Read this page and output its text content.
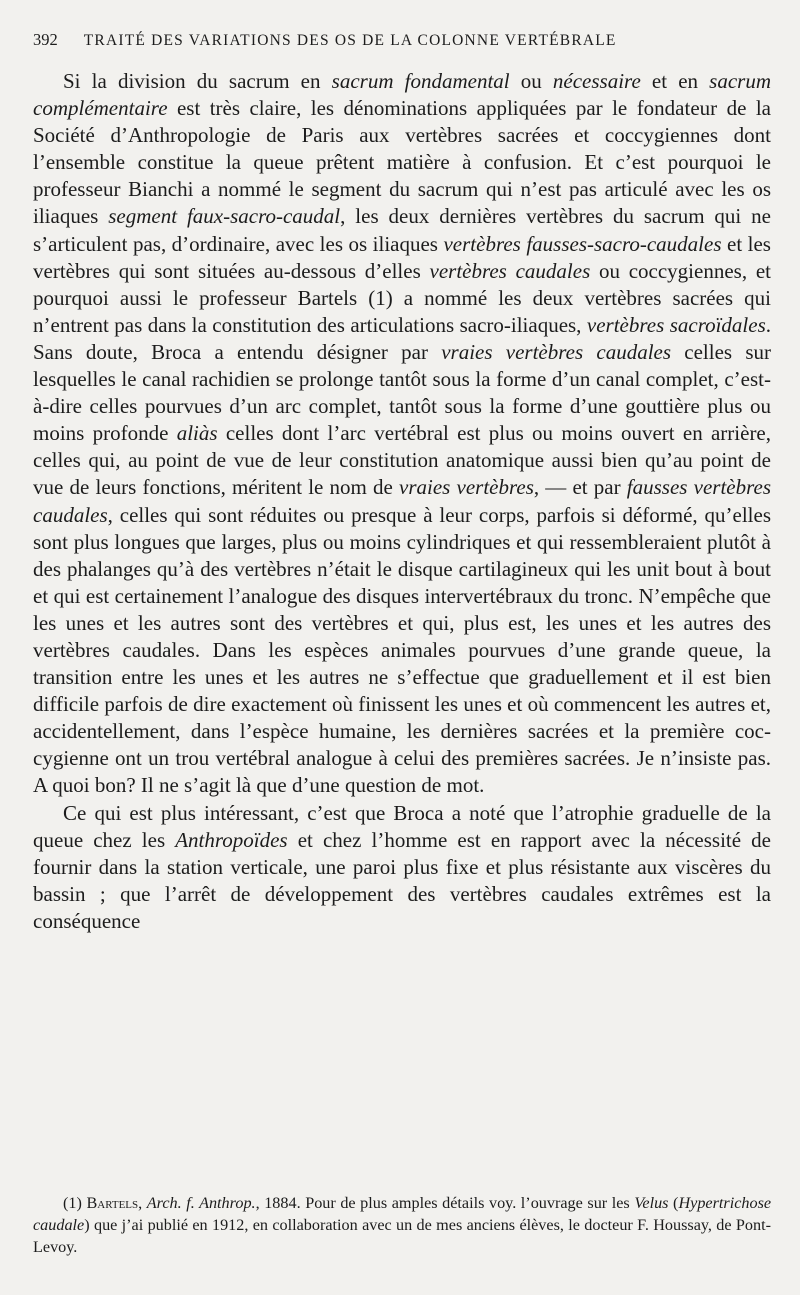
392 TRAITÉ DES VARIATIONS DES OS DE LA COLONNE VERTÉBRALE

Si la division du sacrum en sacrum fondamental ou nécessaire et en sacrum complémentaire est très claire, les dénominations appliquées par le fondateur de la Société d’Anthropologie de Paris aux vertèbres sacrées et coccygiennes dont l’ensemble constitue la queue prêtent matière à confusion. Et c’est pourquoi le professeur Bianchi a nommé le segment du sacrum qui n’est pas articulé avec les os iliaques segment faux-sacro-caudal, les deux dernières vertèbres du sacrum qui ne s’articulent pas, d’ordinaire, avec les os iliaques vertèbres fausses-sacro-caudales et les vertèbres qui sont situées au-dessous d’elles vertèbres caudales ou coccygiennes, et pourquoi aussi le professeur Bartels (1) a nommé les deux vertèbres sacrées qui n’entrent pas dans la constitution des articulations sacro-iliaques, vertèbres sacroïdales. Sans doute, Broca a entendu désigner par vraies vertèbres caudales celles sur lesquelles le canal rachidien se prolonge tantôt sous la forme d’un canal complet, c’est-à-dire celles pourvues d’un arc complet, tantôt sous la forme d’une gouttière plus ou moins profonde aliàs celles dont l’arc vertébral est plus ou moins ouvert en arrière, celles qui, au point de vue de leur constitution anatomique aussi bien qu’au point de vue de leurs fonctions, méritent le nom de vraies vertèbres, — et par fausses vertèbres caudales, celles qui sont réduites ou presque à leur corps, parfois si déformé, qu’elles sont plus longues que larges, plus ou moins cylindriques et qui ressembleraient plutôt à des phalanges qu’à des vertèbres n’était le disque cartilagineux qui les unit bout à bout et qui est certainement l’analogue des disques intervertébraux du tronc. N’empêche que les unes et les autres sont des vertèbres et qui, plus est, les unes et les autres des vertèbres caudales. Dans les espèces animales pourvues d’une grande queue, la transition entre les unes et les autres ne s’effectue que graduellement et il est bien difficile parfois de dire exactement où finissent les unes et où commencent les autres et, accidentellement, dans l’espèce humaine, les dernières sacrées et la première coccygienne ont un trou vertébral analogue à celui des premières sacrées. Je n’insiste pas. A quoi bon? Il ne s’agit là que d’une question de mot.

Ce qui est plus intéressant, c’est que Broca a noté que l’atrophie graduelle de la queue chez les Anthropoïdes et chez l’homme est en rapport avec la nécessité de fournir dans la station verticale, une paroi plus fixe et plus résistante aux viscères du bassin ; que l’arrêt de développement des vertèbres caudales extrêmes est la conséquence

(1) Bartels, Arch. f. Anthrop., 1884. Pour de plus amples détails voy. l’ouvrage sur les Velus (Hypertrichose caudale) que j’ai publié en 1912, en collaboration avec un de mes anciens élèves, le docteur F. Houssay, de Pont-Levoy.
